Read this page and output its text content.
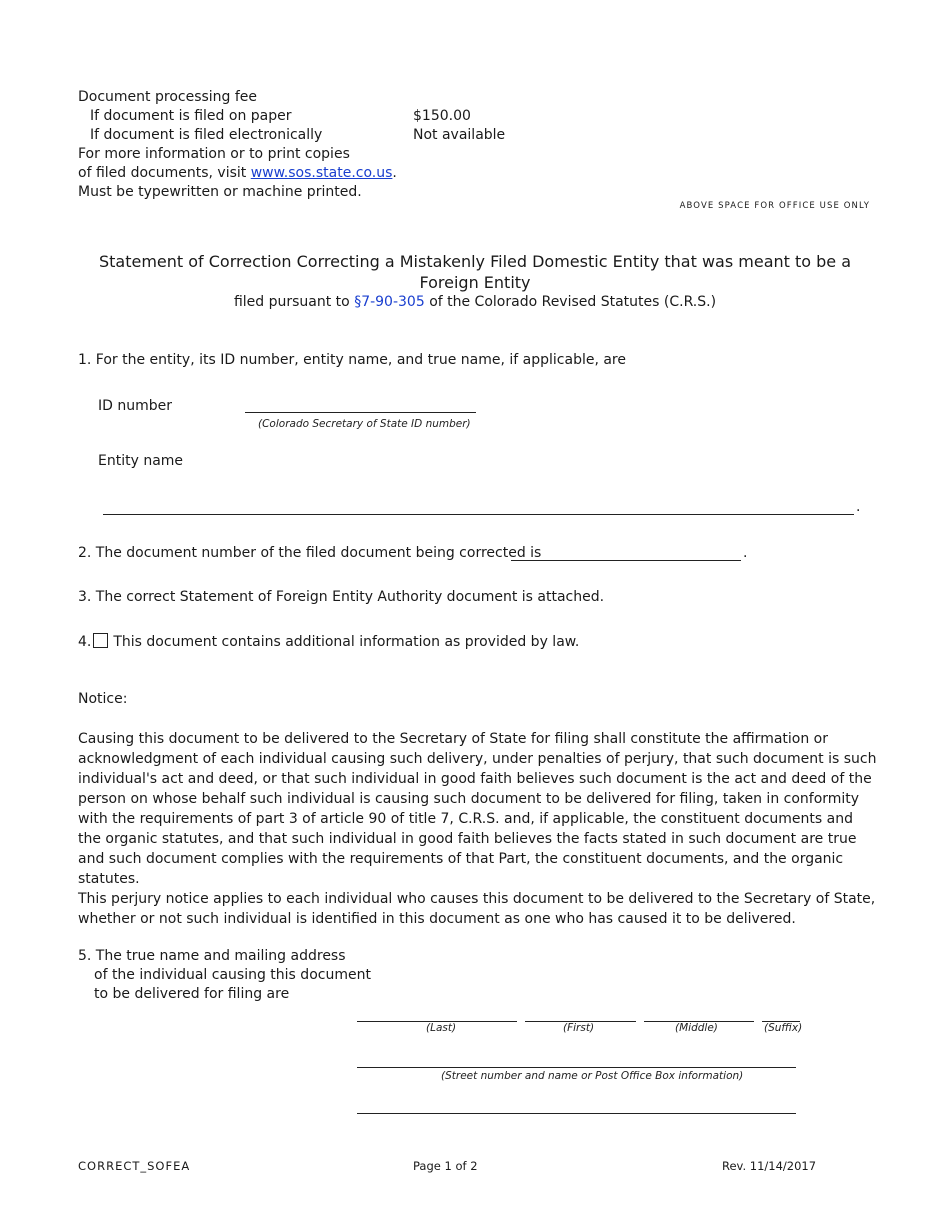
Document processing fee
If document is filed on paper	$150.00
If document is filed electronically	Not available
For more information or to print copies
of filed documents, visit www.sos.state.co.us.
Must be typewritten or machine printed.
ABOVE SPACE FOR OFFICE USE ONLY
Statement of Correction Correcting a Mistakenly Filed Domestic Entity that was meant to be a Foreign Entity
filed pursuant to §7-90-305 of the Colorado Revised Statutes (C.R.S.)
1. For the entity, its ID number, entity name, and true name, if applicable, are
ID number
(Colorado Secretary of State ID number)
Entity name
.
2. The document number of the filed document being corrected is	.
3. The correct Statement of Foreign Entity Authority document is attached.
4. This document contains additional information as provided by law.
Notice:
Causing this document to be delivered to the Secretary of State for filing shall constitute the affirmation or acknowledgment of each individual causing such delivery, under penalties of perjury, that such document is such individual's act and deed, or that such individual in good faith believes such document is the act and deed of the person on whose behalf such individual is causing such document to be delivered for filing, taken in conformity with the requirements of part 3 of article 90 of title 7, C.R.S. and, if applicable, the constituent documents and the organic statutes, and that such individual in good faith believes the facts stated in such document are true and such document complies with the requirements of that Part, the constituent documents, and the organic statutes.
This perjury notice applies to each individual who causes this document to be delivered to the Secretary of State, whether or not such individual is identified in this document as one who has caused it to be delivered.
5. The true name and mailing address
of the individual causing this document
to be delivered for filing are
(Last)	(First)	(Middle)	(Suffix)
(Street number and name or Post Office Box information)
CORRECT_SOFEA	Page 1 of 2	Rev. 11/14/2017
